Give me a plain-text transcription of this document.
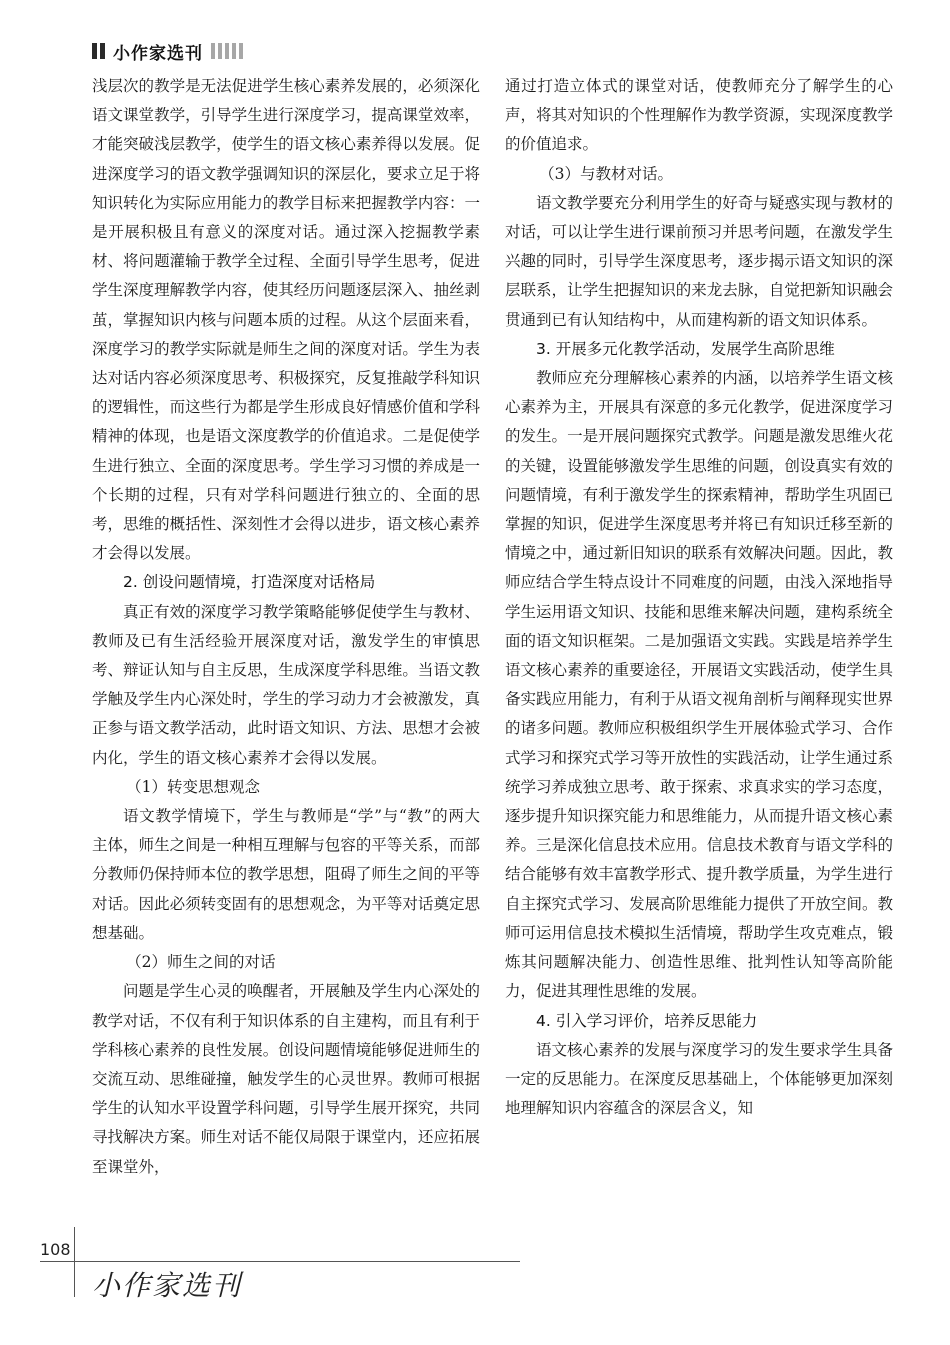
小作家选刊

浅层次的教学是无法促进学生核心素养发展的，必须深化语文课堂教学，引导学生进行深度学习，提高课堂效率，才能突破浅层教学，使学生的语文核心素养得以发展。促进深度学习的语文教学强调知识的深层化，要求立足于将知识转化为实际应用能力的教学目标来把握教学内容：一是开展积极且有意义的深度对话。通过深入挖掘教学素材、将问题灌输于教学全过程、全面引导学生思考，促进学生深度理解教学内容，使其经历问题逐层深入、抽丝剥茧，掌握知识内核与问题本质的过程。从这个层面来看，深度学习的教学实际就是师生之间的深度对话。学生为表达对话内容必须深度思考、积极探究，反复推敲学科知识的逻辑性，而这些行为都是学生形成良好情感价值和学科精神的体现，也是语文深度教学的价值追求。二是促使学生进行独立、全面的深度思考。学生学习习惯的养成是一个长期的过程，只有对学科问题进行独立的、全面的思考，思维的概括性、深刻性才会得以进步，语文核心素养才会得以发展。

2. 创设问题情境，打造深度对话格局

真正有效的深度学习教学策略能够促使学生与教材、教师及已有生活经验开展深度对话，激发学生的审慎思考、辩证认知与自主反思，生成深度学科思维。当语文教学触及学生内心深处时，学生的学习动力才会被激发，真正参与语文教学活动，此时语文知识、方法、思想才会被内化，学生的语文核心素养才会得以发展。

（1）转变思想观念

语文教学情境下，学生与教师是“学”与“教”的两大主体，师生之间是一种相互理解与包容的平等关系，而部分教师仍保持师本位的教学思想，阻碍了师生之间的平等对话。因此必须转变固有的思想观念，为平等对话奠定思想基础。

（2）师生之间的对话

问题是学生心灵的唤醒者，开展触及学生内心深处的教学对话，不仅有利于知识体系的自主建构，而且有利于学科核心素养的良性发展。创设问题情境能够促进师生的交流互动、思维碰撞，触发学生的心灵世界。教师可根据学生的认知水平设置学科问题，引导学生展开探究，共同寻找解决方案。师生对话不能仅局限于课堂内，还应拓展至课堂外，

通过打造立体式的课堂对话，使教师充分了解学生的心声，将其对知识的个性理解作为教学资源，实现深度教学的价值追求。

（3）与教材对话。

语文教学要充分利用学生的好奇与疑惑实现与教材的对话，可以让学生进行课前预习并思考问题，在激发学生兴趣的同时，引导学生深度思考，逐步揭示语文知识的深层联系，让学生把握知识的来龙去脉，自觉把新知识融会贯通到已有认知结构中，从而建构新的语文知识体系。

3. 开展多元化教学活动，发展学生高阶思维

教师应充分理解核心素养的内涵，以培养学生语文核心素养为主，开展具有深意的多元化教学，促进深度学习的发生。一是开展问题探究式教学。问题是激发思维火花的关键，设置能够激发学生思维的问题，创设真实有效的问题情境，有利于激发学生的探索精神，帮助学生巩固已掌握的知识，促进学生深度思考并将已有知识迁移至新的情境之中，通过新旧知识的联系有效解决问题。因此，教师应结合学生特点设计不同难度的问题，由浅入深地指导学生运用语文知识、技能和思维来解决问题，建构系统全面的语文知识框架。二是加强语文实践。实践是培养学生语文核心素养的重要途径，开展语文实践活动，使学生具备实践应用能力，有利于从语文视角剖析与阐释现实世界的诸多问题。教师应积极组织学生开展体验式学习、合作式学习和探究式学习等开放性的实践活动，让学生通过系统学习养成独立思考、敢于探索、求真求实的学习态度，逐步提升知识探究能力和思维能力，从而提升语文核心素养。三是深化信息技术应用。信息技术教育与语文学科的结合能够有效丰富教学形式、提升教学质量，为学生进行自主探究式学习、发展高阶思维能力提供了开放空间。教师可运用信息技术模拟生活情境，帮助学生攻克难点，锻炼其问题解决能力、创造性思维、批判性认知等高阶能力，促进其理性思维的发展。

4. 引入学习评价，培养反思能力

语文核心素养的发展与深度学习的发生要求学生具备一定的反思能力。在深度反思基础上，个体能够更加深刻地理解知识内容蕴含的深层含义，知

108
小作家选刊
